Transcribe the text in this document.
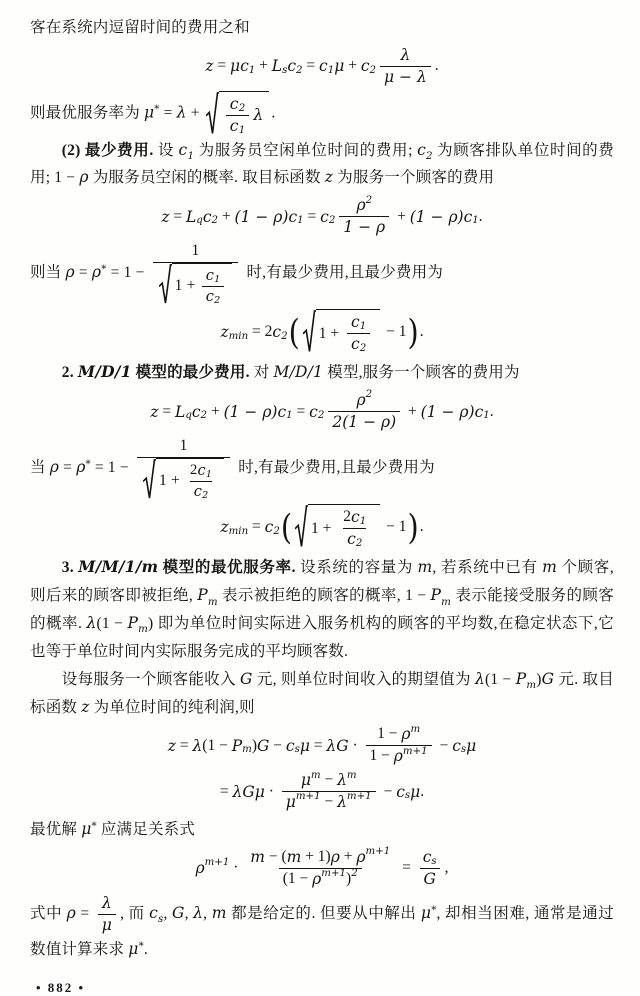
客在系统内逗留时间的费用之和
$z = \mu c_1 + L_s$ $c_2 = c_1$ $\mu + c_2 \frac{\lambda}{\mu - \lambda}$ .
则最优服务率为 $\mu^* = \lambda + \frac{c_2}{c_1}$ λ .
(2) 最少费用. 设 $c_1$ 为服务员空闲单位时间的费用; $c_2$ 为顾客排队单位时间的费用; 1 − ρ 为服务员空闲的概率. 取目标函数 z 为服务一个顾客的费用
$z = L_q$ $c_2 + (1 - \rho)c_1 = c_2 \frac{\rho^2}{1 - \rho} + (1 - \rho)c_1$ .
则当 $\rho = \rho^* = 1 - \frac{1}{1 + \frac{c_1}{c_2}}$ 时,有最少费用,且最少费用为
$z_{min} = 2$ $c_2$ ( $1 + \frac{c_1}{c_2} - 1$ ) .
2. M/D/1 模型的最少费用. 对 M/D/1 模型,服务一个顾客的费用为
$z = L_q$ $c_2 + (1 - \rho)c_1 = c_2 \frac{\rho^2}{2(1 - \rho)} + (1 - \rho)c_1$ .
当 $\rho = \rho^* = 1 - \frac{1}{1 + \frac{2 c_1}{c_2}}$ 时,有最少费用,且最少费用为
$z_{min} = c_2$ ( $1 + \frac{2 c_1}{c_2} - 1$ ) .
3. M/M/1/m 模型的最优服务率. 设系统的容量为 m, 若系统中已有 m 个顾客,则后来的顾客即被拒绝, $P_m$ 表示被拒绝的顾客的概率, $1 - P_m$ 表示能接受服务的顾客的概率. $\lambda(1 - P_m)$ 即为单位时间实际进入服务机构的顾客的平均数,在稳定状态下,它也等于单位时间内实际服务完成的平均顾客数.
设每服务一个顾客能收入 G 元, 则单位时间收入的期望值为 $\lambda(1 - P_m)G$ 元. 取目标函数 z 为单位时间的纯利润,则
z = λ ($1 - P_m$ ) $G - c_s$ $\mu = \lambda G \cdot \frac{1 - \rho^m}{1 - \rho^{m+1}} - c_s$ μ
= $\lambda G\mu \cdot \frac{\mu^m - \lambda^m}{\mu^{m+1} - \lambda^{m+1}} - c_s$ μ .
最优解 μ* 应满足关系式
$\rho^{m+1} \cdot \frac{m - ( m + 1) \rho + \rho^{m+1}}{(1 - \rho^{m+1} )^2} = \frac{c_s}{G}$ ,
式中 $\rho = \frac{\lambda}{\mu}$ , 而 $c_s$, G, λ, m 都是给定的. 但要从中解出 μ*, 却相当困难, 通常是通过数值计算来求 μ*.
• 882 •
